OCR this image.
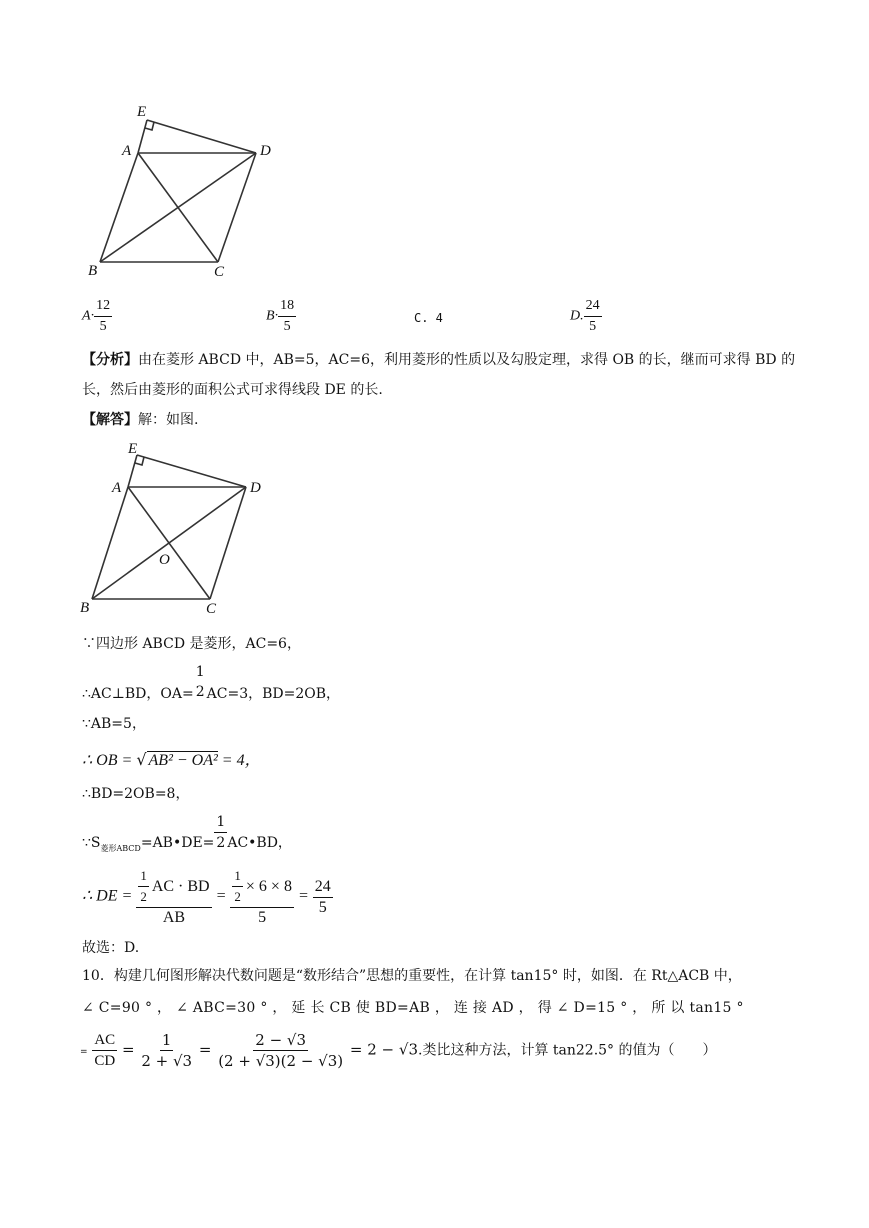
E
A	D
B	C
$A\cdot \frac{12}{5}$	$B\cdot \frac{18}{5}$	C. 4	D. $\frac{24}{5}$
【分析】由在菱形 ABCD 中，AB=5，AC=6，利用菱形的性质以及勾股定理，求得 OB 的长，继而可求得 BD 的
长，然后由菱形的面积公式可求得线段 DE 的长.
【解答】解：如图.
E
A	D
B	C
O
∵四边形 ABCD 是菱形，AC=6，
∴AC⊥BD，OA=
1
2 AC=3，BD=2OB，
∵AB=5，
∴ OB = √ AB² − OA² = 4，
∴BD=2OB=8，
$\because S_{菱形ABCD}=AB•DE= \frac{1}{2}$ AC•BD，
∴ DE = $\frac{\frac{1}{2} AC \cdot BD}{AB} = \frac{\frac{1}{2} \times 6 \times 8}{5} = \frac{24}{5}$
故选：D.
10．构建几何图形解决代数问题是“数形结合”思想的重要性，在计算 tan15° 时，如图．在 Rt△ACB 中，
∠ C=90 ° ， ∠ ABC=30 ° ， 延 长 CB 使 BD=AB ， 连 接 AD ， 得 ∠ D=15 ° ， 所 以 tan15 °
= $\frac{AC}{CD} = \frac{1}{2 + √3} = \frac{2 - √3}{(2 + √3)(2 - √3)} = 2 - √3$.类比这种方法，计算 tan22.5° 的值为（　　）
